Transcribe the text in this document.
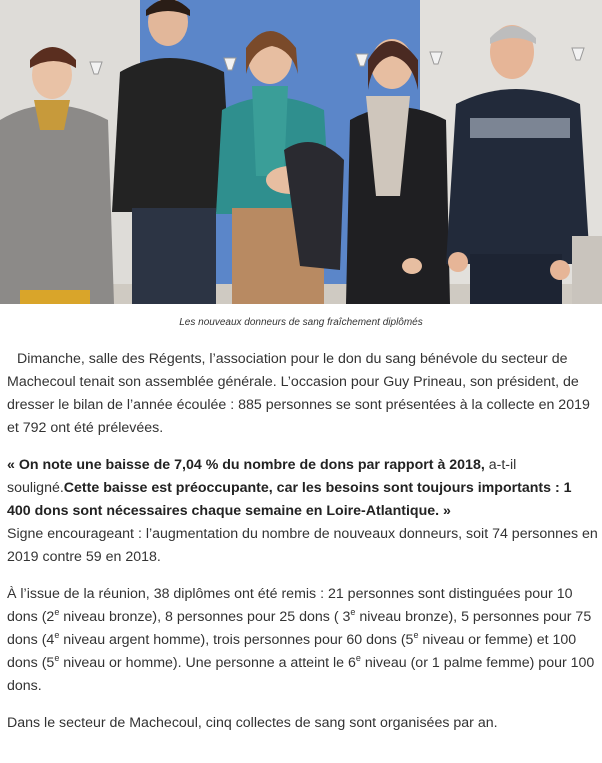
Les nouveaux donneurs de sang fraîchement diplômés

Dimanche, salle des Régents, l’association pour le don du sang bénévole du secteur de Machecoul tenait son assemblée générale. L’occasion pour Guy Prineau, son président, de dresser le bilan de l’année écoulée : 885 personnes se sont présentées à la collecte en 2019 et 792 ont été prélevées.

« On note une baisse de 7,04 % du nombre de dons par rapport à 2018, a-t-il souligné.Cette baisse est préoccupante, car les besoins sont toujours importants : 1 400 dons sont nécessaires chaque semaine en Loire-Atlantique. »
Signe encourageant : l’augmentation du nombre de nouveaux donneurs, soit 74 personnes en 2019 contre 59 en 2018.

À l’issue de la réunion, 38 diplômes ont été remis : 21 personnes sont distinguées pour 10 dons (2e niveau bronze), 8 personnes pour 25 dons ( 3e niveau bronze), 5 personnes pour 75 dons (4e niveau argent homme), trois personnes pour 60 dons (5e niveau or femme) et 100 dons (5e niveau or homme). Une personne a atteint le 6e niveau (or 1 palme femme) pour 100 dons.

Dans le secteur de Machecoul, cinq collectes de sang sont organisées par an.
